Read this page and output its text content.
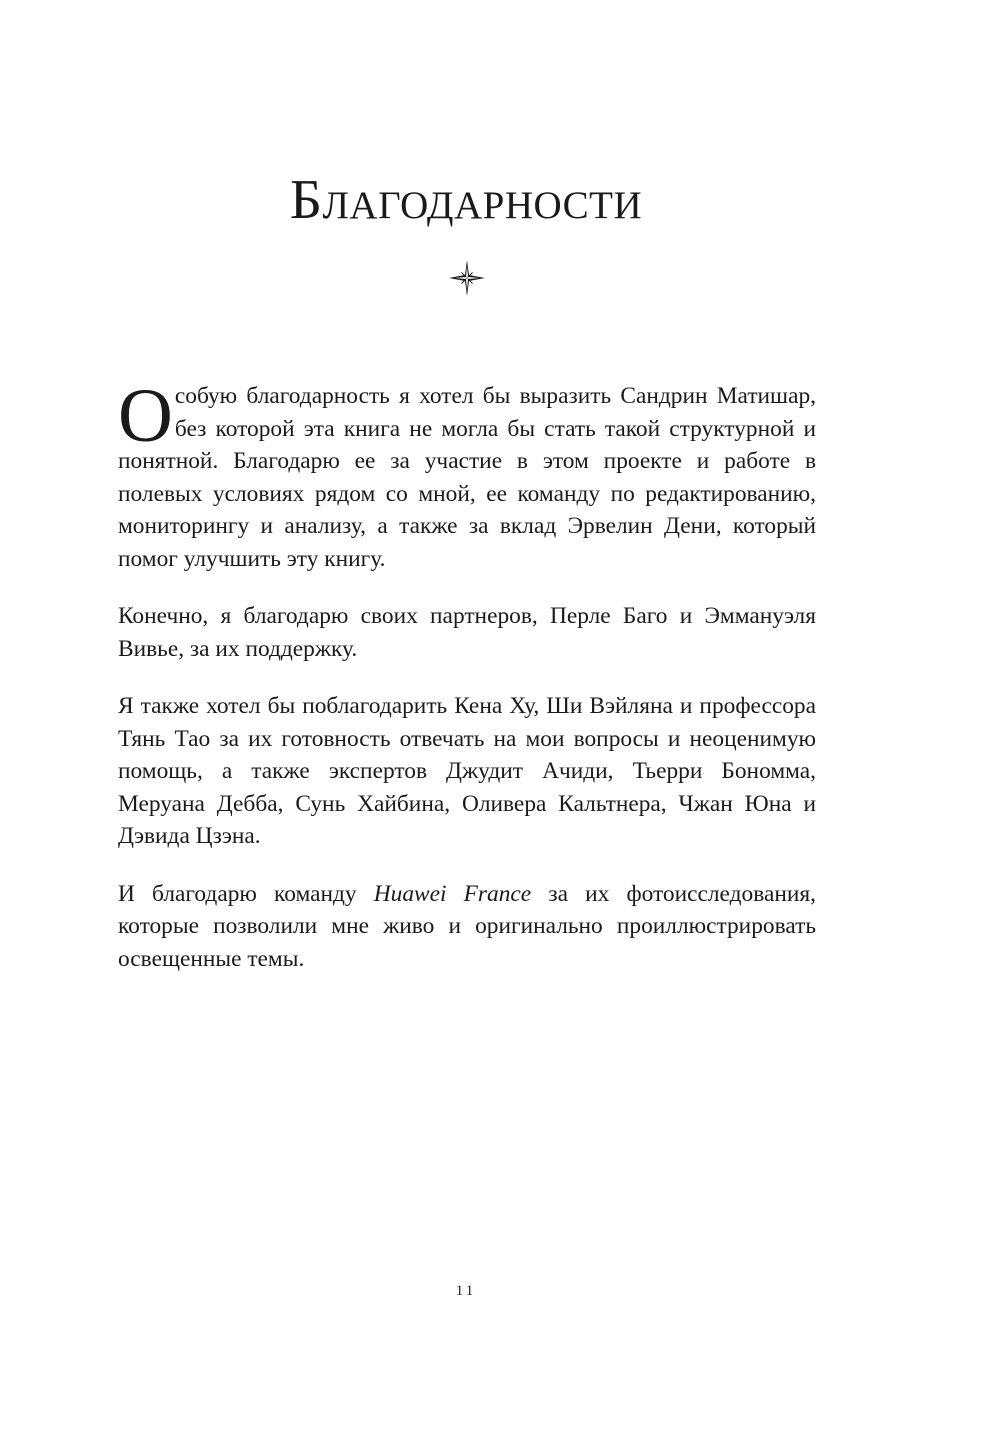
Благодарности

Особую благодарность я хотел бы выразить Сандрин Матишар, без которой эта книга не могла бы стать такой структурной и понятной. Благодарю ее за участие в этом проекте и работе в полевых условиях рядом со мной, ее команду по редактированию, мониторингу и анализу, а также за вклад Эрвелин Дени, который помог улучшить эту книгу.

Конечно, я благодарю своих партнеров, Перле Баго и Эммануэля Вивье, за их поддержку.

Я также хотел бы поблагодарить Кена Ху, Ши Вэйляна и профессора Тянь Тао за их готовность отвечать на мои вопросы и неоценимую помощь, а также экспертов Джудит Ачиди, Тьерри Бономма, Меруана Дебба, Сунь Хайбина, Оливера Кальтнера, Чжан Юна и Дэвида Цзэна.

И благодарю команду Huawei France за их фотоисследования, которые позволили мне живо и оригинально проиллюстрировать освещенные темы.

11
